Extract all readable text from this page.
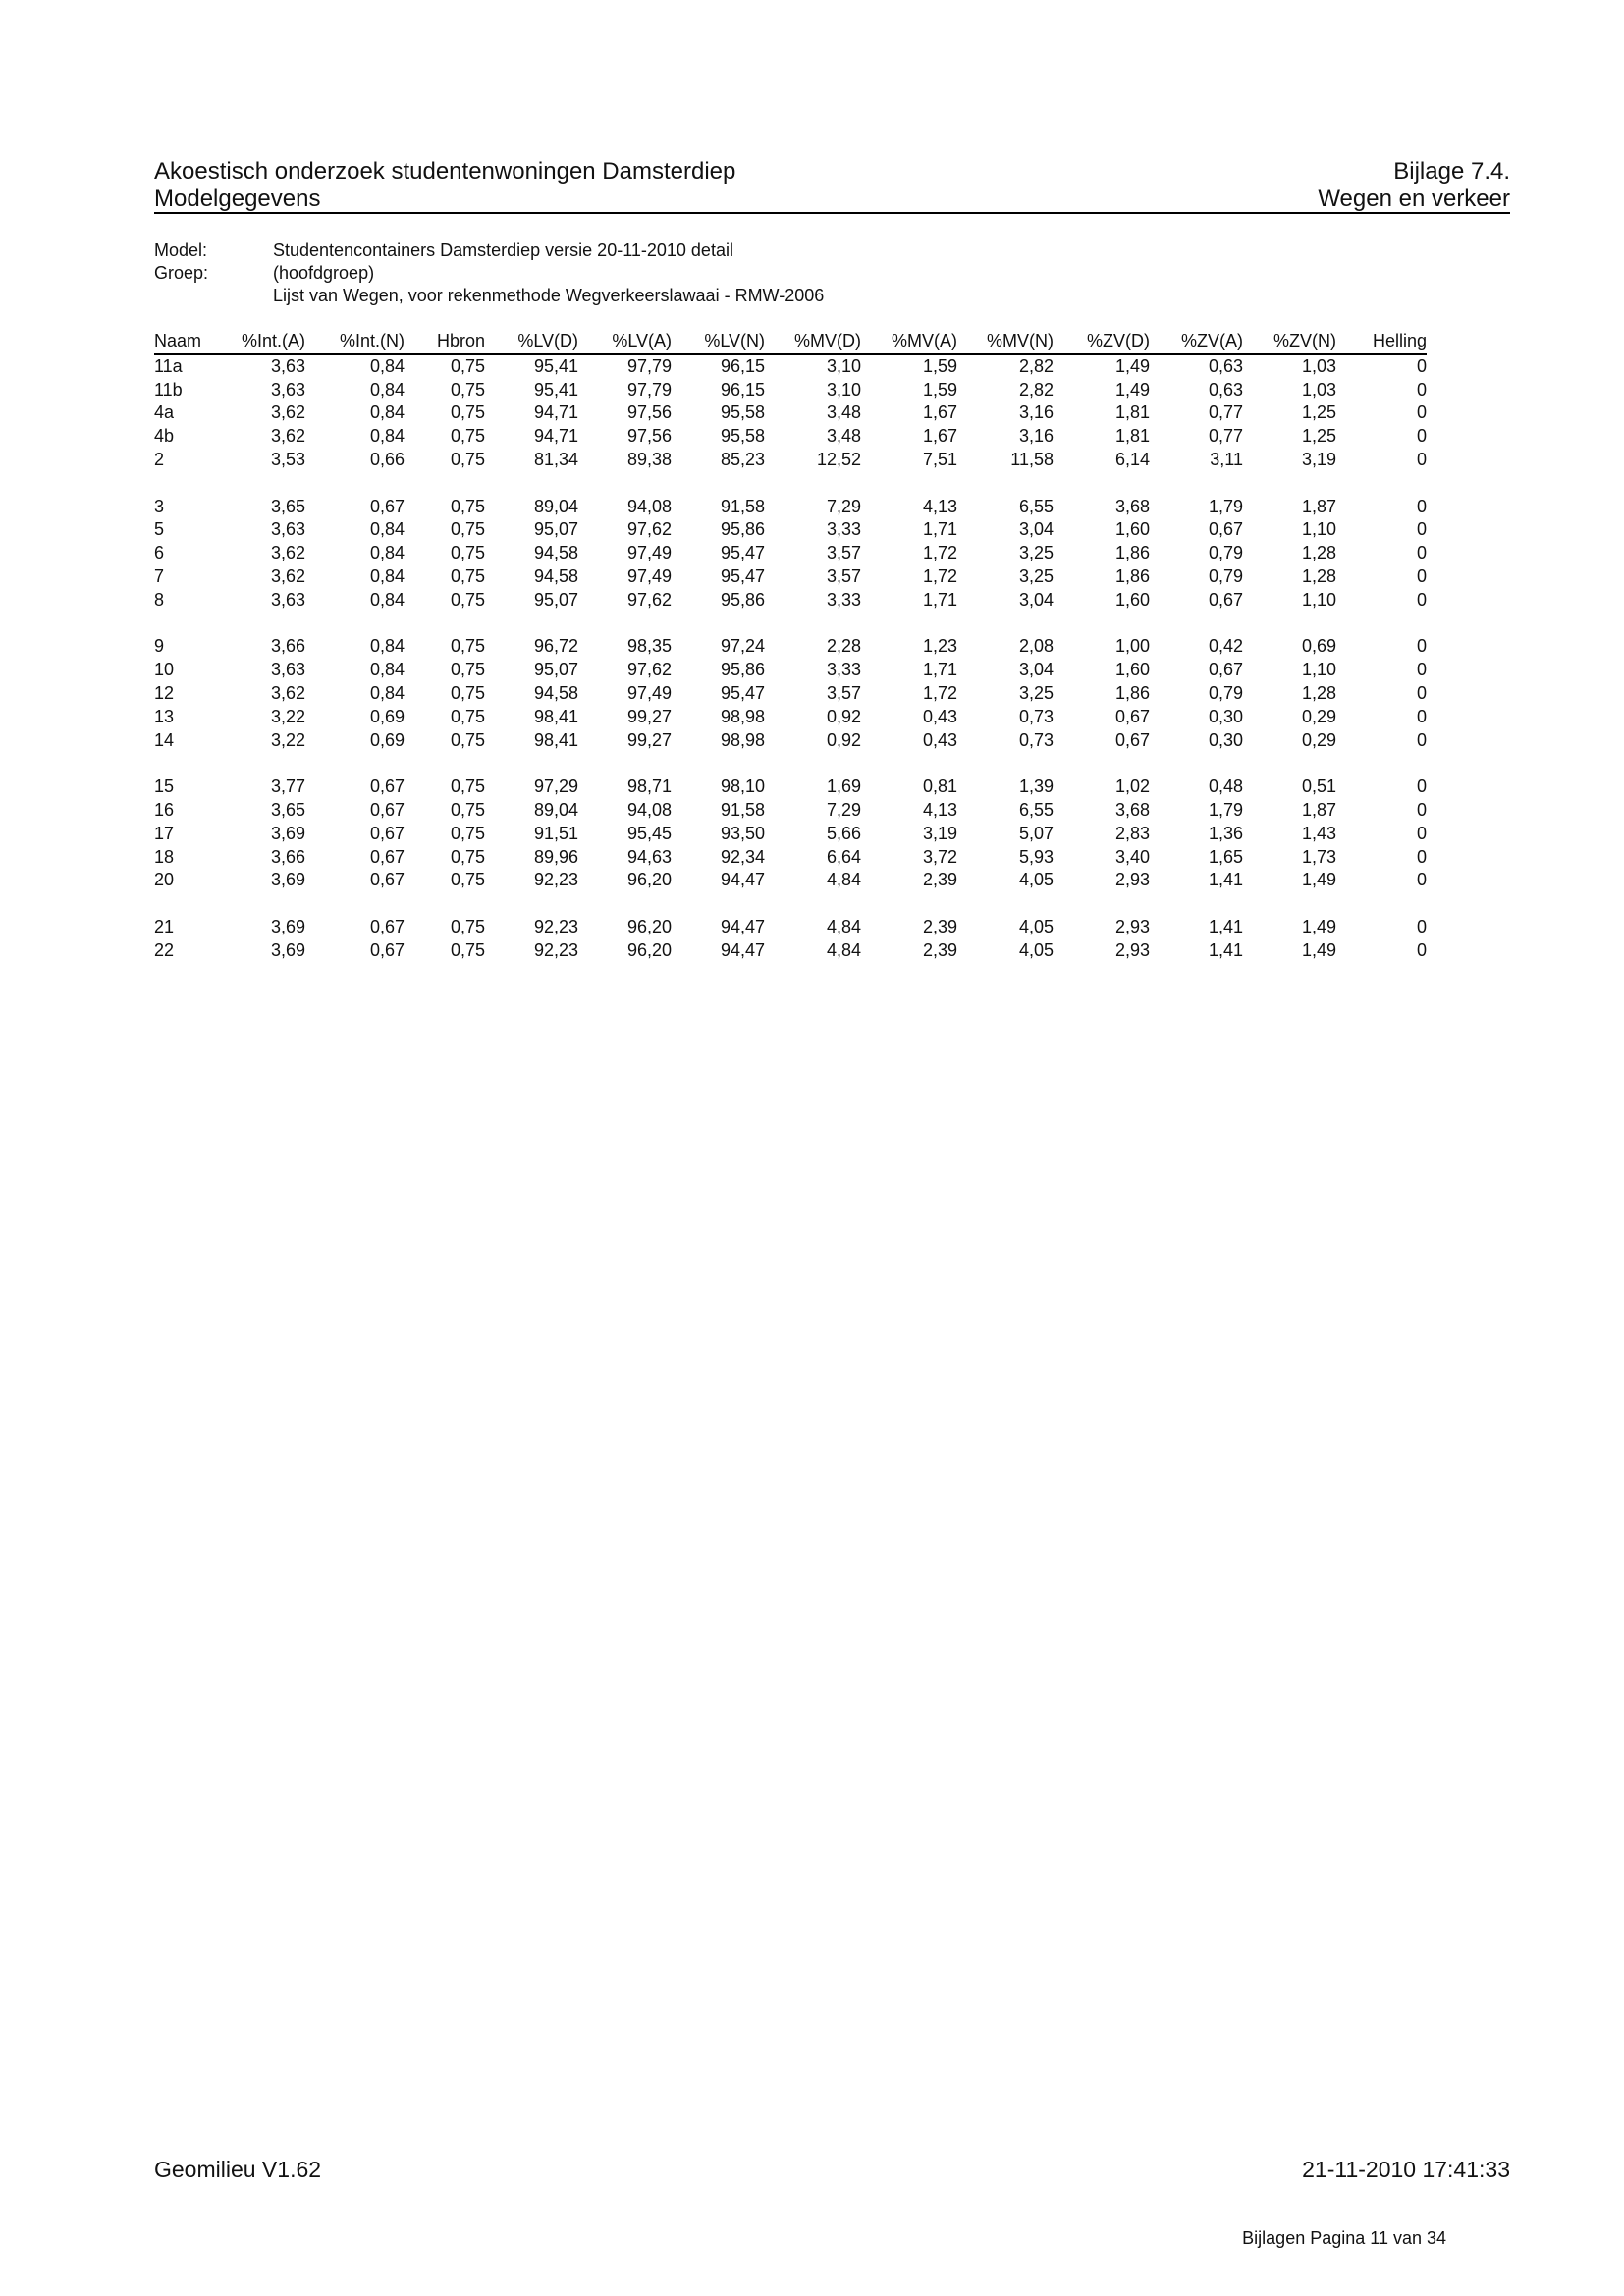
Akoestisch onderzoek studentenwoningen Damsterdiep	Bijlage 7.4.
Modelgegevens	Wegen en verkeer
Model:	Studentencontainers Damsterdiep versie 20-11-2010 detail
Groep:	(hoofdgroep)
Lijst van Wegen, voor rekenmethode Wegverkeerslawaai - RMW-2006
Naam	%Int.(A)	%Int.(N)	Hbron	%LV(D)	%LV(A)	%LV(N)	%MV(D)	%MV(A)	%MV(N)	%ZV(D)	%ZV(A)	%ZV(N)	Helling
11a	3,63	0,84	0,75	95,41	97,79	96,15	3,10	1,59	2,82	1,49	0,63	1,03	0
11b	3,63	0,84	0,75	95,41	97,79	96,15	3,10	1,59	2,82	1,49	0,63	1,03	0
4a	3,62	0,84	0,75	94,71	97,56	95,58	3,48	1,67	3,16	1,81	0,77	1,25	0
4b	3,62	0,84	0,75	94,71	97,56	95,58	3,48	1,67	3,16	1,81	0,77	1,25	0
2	3,53	0,66	0,75	81,34	89,38	85,23	12,52	7,51	11,58	6,14	3,11	3,19	0

3	3,65	0,67	0,75	89,04	94,08	91,58	7,29	4,13	6,55	3,68	1,79	1,87	0
5	3,63	0,84	0,75	95,07	97,62	95,86	3,33	1,71	3,04	1,60	0,67	1,10	0
6	3,62	0,84	0,75	94,58	97,49	95,47	3,57	1,72	3,25	1,86	0,79	1,28	0
7	3,62	0,84	0,75	94,58	97,49	95,47	3,57	1,72	3,25	1,86	0,79	1,28	0
8	3,63	0,84	0,75	95,07	97,62	95,86	3,33	1,71	3,04	1,60	0,67	1,10	0

9	3,66	0,84	0,75	96,72	98,35	97,24	2,28	1,23	2,08	1,00	0,42	0,69	0
10	3,63	0,84	0,75	95,07	97,62	95,86	3,33	1,71	3,04	1,60	0,67	1,10	0
12	3,62	0,84	0,75	94,58	97,49	95,47	3,57	1,72	3,25	1,86	0,79	1,28	0
13	3,22	0,69	0,75	98,41	99,27	98,98	0,92	0,43	0,73	0,67	0,30	0,29	0
14	3,22	0,69	0,75	98,41	99,27	98,98	0,92	0,43	0,73	0,67	0,30	0,29	0

15	3,77	0,67	0,75	97,29	98,71	98,10	1,69	0,81	1,39	1,02	0,48	0,51	0
16	3,65	0,67	0,75	89,04	94,08	91,58	7,29	4,13	6,55	3,68	1,79	1,87	0
17	3,69	0,67	0,75	91,51	95,45	93,50	5,66	3,19	5,07	2,83	1,36	1,43	0
18	3,66	0,67	0,75	89,96	94,63	92,34	6,64	3,72	5,93	3,40	1,65	1,73	0
20	3,69	0,67	0,75	92,23	96,20	94,47	4,84	2,39	4,05	2,93	1,41	1,49	0

21	3,69	0,67	0,75	92,23	96,20	94,47	4,84	2,39	4,05	2,93	1,41	1,49	0
22	3,69	0,67	0,75	92,23	96,20	94,47	4,84	2,39	4,05	2,93	1,41	1,49	0
Geomilieu V1.62	21-11-2010 17:41:33
Bijlagen Pagina 11 van 34
